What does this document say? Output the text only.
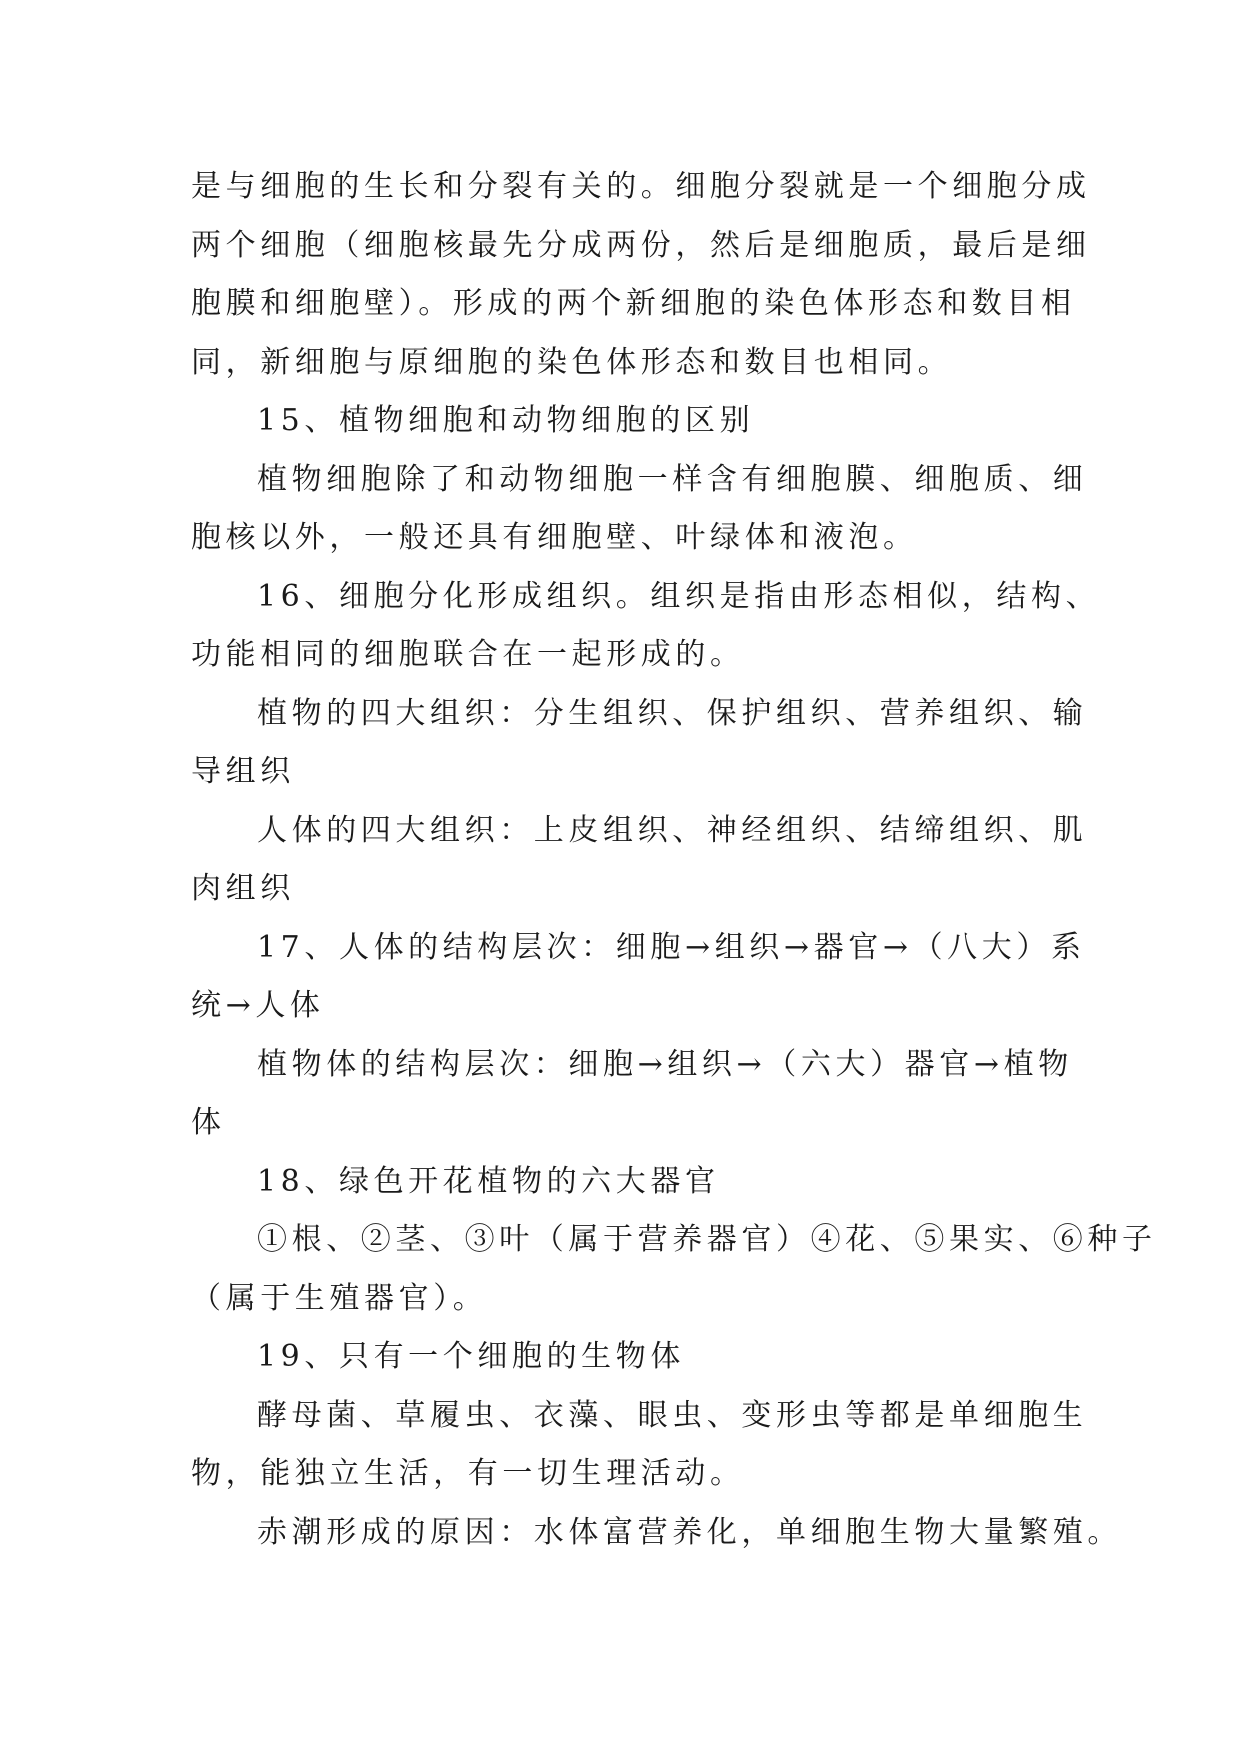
是与细胞的生长和分裂有关的。细胞分裂就是一个细胞分成

两个细胞（细胞核最先分成两份，然后是细胞质，最后是细

胞膜和细胞壁）。形成的两个新细胞的染色体形态和数目相

同，新细胞与原细胞的染色体形态和数目也相同。

15、植物细胞和动物细胞的区别

植物细胞除了和动物细胞一样含有细胞膜、细胞质、细

胞核以外，一般还具有细胞壁、叶绿体和液泡。

16、细胞分化形成组织。组织是指由形态相似，结构、

功能相同的细胞联合在一起形成的。

植物的四大组织：分生组织、保护组织、营养组织、输

导组织

人体的四大组织：上皮组织、神经组织、结缔组织、肌

肉组织

17、人体的结构层次：细胞→组织→器官→（八大）系

统→人体

植物体的结构层次：细胞→组织→（六大）器官→植物

体

18、绿色开花植物的六大器官

①根、②茎、③叶（属于营养器官）④花、⑤果实、⑥种子

（属于生殖器官）。

19、只有一个细胞的生物体

酵母菌、草履虫、衣藻、眼虫、变形虫等都是单细胞生

物，能独立生活，有一切生理活动。

赤潮形成的原因：水体富营养化，单细胞生物大量繁殖。
